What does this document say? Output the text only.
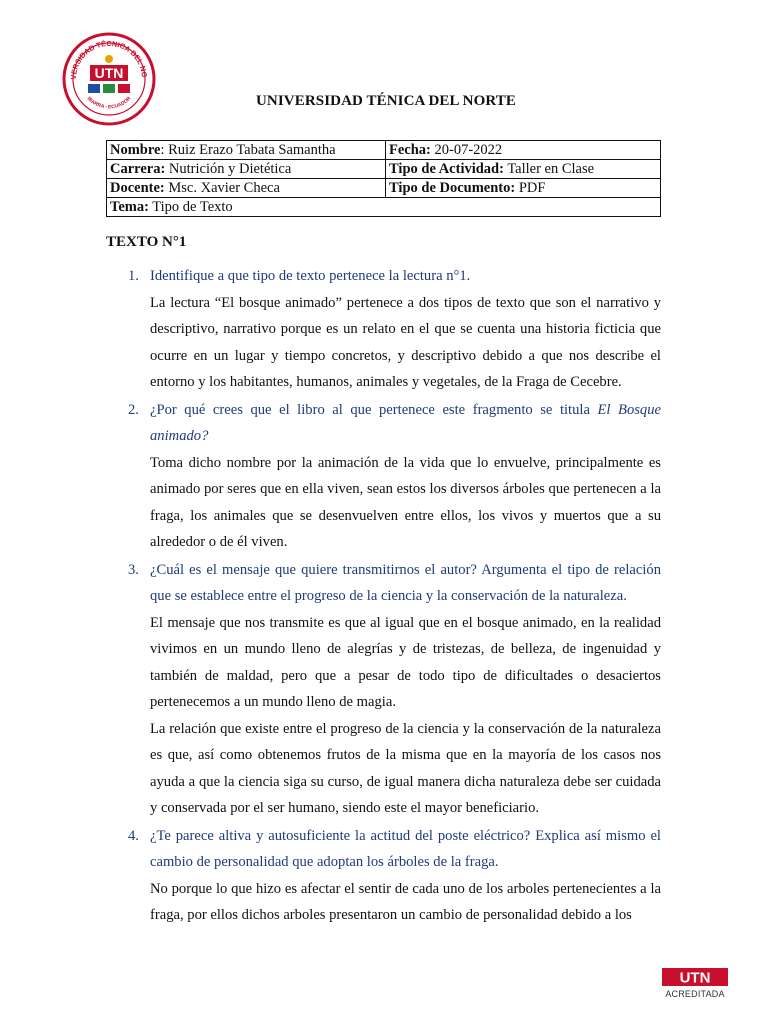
VERSIDAD TÉCNICA DEL NO
IBARRA - ECUADOR
UTN
UNIVERSIDAD TÉNICA DEL NORTE
Nombre: Ruiz Erazo Tabata Samantha	Fecha: 20-07-2022
Carrera: Nutrición y Dietética	Tipo de Actividad: Taller en Clase
Docente: Msc. Xavier Checa	Tipo de Documento: PDF
Tema: Tipo de Texto	
TEXTO N°1
1. Identifique a que tipo de texto pertenece la lectura n°1.
La lectura “El bosque animado” pertenece a dos tipos de texto que son el narrativo y descriptivo, narrativo porque es un relato en el que se cuenta una historia ficticia que ocurre en un lugar y tiempo concretos, y descriptivo debido a que nos describe el entorno y los habitantes, humanos, animales y vegetales, de la Fraga de Cecebre.
2. ¿Por qué crees que el libro al que pertenece este fragmento se titula El Bosque animado?
Toma dicho nombre por la animación de la vida que lo envuelve, principalmente es animado por seres que en ella viven, sean estos los diversos árboles que pertenecen a la fraga, los animales que se desenvuelven entre ellos, los vivos y muertos que a su alrededor o de él viven.
3. ¿Cuál es el mensaje que quiere transmitirnos el autor? Argumenta el tipo de relación que se establece entre el progreso de la ciencia y la conservación de la naturaleza.
El mensaje que nos transmite es que al igual que en el bosque animado, en la realidad vivimos en un mundo lleno de alegrías y de tristezas, de belleza, de ingenuidad y también de maldad, pero que a pesar de todo tipo de dificultades o desaciertos pertenecemos a un mundo lleno de magia.
La relación que existe entre el progreso de la ciencia y la conservación de la naturaleza es que, así como obtenemos frutos de la misma que en la mayoría de los casos nos ayuda a que la ciencia siga su curso, de igual manera dicha naturaleza debe ser cuidada y conservada por el ser humano, siendo este el mayor beneficiario.
4. ¿Te parece altiva y autosuficiente la actitud del poste eléctrico? Explica así mismo el cambio de personalidad que adoptan los árboles de la fraga.
No porque lo que hizo es afectar el sentir de cada uno de los arboles pertenecientes a la fraga, por ellos dichos arboles presentaron un cambio de personalidad debido a los
UTN
ACREDITADA
